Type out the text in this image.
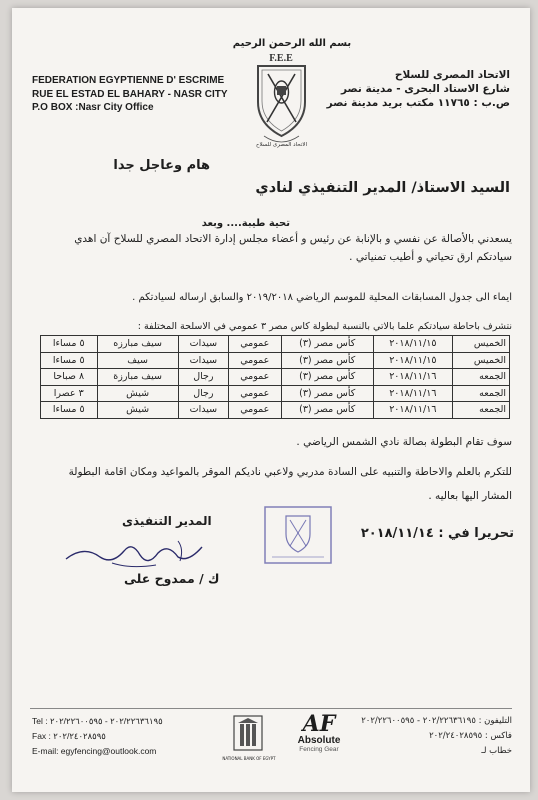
بسم الله الرحمن الرحيم
FEDERATION EGYPTIENNE D' ESCRIME
RUE EL ESTAD EL BAHARY - NASR CITY
P.O BOX :Nasr City Office
F.E.E
الاتحاد المصرى للسلاح
الاتحاد المصرى للسلاح
شارع الاستاد البحرى - مدينة نصر
ص.ب : ١١٧٦٥ مكتب بريد مدينة نصر
هام وعاجل جدا
السيد الاستاذ/ المدير التنفيذي لنادي
تحية طيبة.... وبعد
يسعدني بالأصالة عن نفسي و بالإنابة عن رئيس و أعضاء مجلس إدارة الاتحاد المصري للسلاح آن اهدي سيادتكم ارق تحياتي و أطيب تمنياتي .
ايماء الى جدول المسابقات المحلية للموسم الرياضي ٢٠١٩/٢٠١٨ والسابق ارساله لسيادتكم .
نتشرف باحاطة سيادتكم علما بالاتي بالنسبة لبطولة كاس مصر ٣ عمومي في الاسلحة المختلفة :
الخميس	٢٠١٨/١١/١٥	كأس مصر (٣)	عمومي	سيدات	سيف مبارزه	٥ مساءا
الخميس	٢٠١٨/١١/١٥	كأس مصر (٣)	عمومي	سيدات	سيف	٥ مساءا
الجمعه	٢٠١٨/١١/١٦	كأس مصر (٣)	عمومي	رجال	سيف مبارزة	٨ صباحا
الجمعه	٢٠١٨/١١/١٦	كأس مصر (٣)	عمومي	رجال	شيش	٣ عصرا
الجمعه	٢٠١٨/١١/١٦	كأس مصر (٣)	عمومي	سيدات	شيش	٥ مساءا
سوف تقام البطولة بصالة نادي الشمس الرياضي .
للتكرم بالعلم والاحاطة والتنبيه على السادة مدربي ولاعبي ناديكم الموقر بالمواعيد ومكان اقامة البطولة المشار اليها بعاليه .
المدير التنفيذى
ك / ممدوح على
تحريرا في : ٢٠١٨/١١/١٤
Tel : ٢٠٢/٢٢٦٣٦١٩٥ - ٢٠٢/٢٢٦٠٠٥٩٥
Fax : ٢٠٢/٢٤٠٢٨٥٩٥
E-mail: egyfencing@outlook.com
NATIONAL BANK OF EGYPT
AF
Absolute
Fencing Gear
التليفون : ٢٠٢/٢٢٦٣٦١٩٥ - ٢٠٢/٢٢٦٠٠٥٩٥
فاكس : ٢٠٢/٢٤٠٢٨٥٩٥
خطاب لـ
